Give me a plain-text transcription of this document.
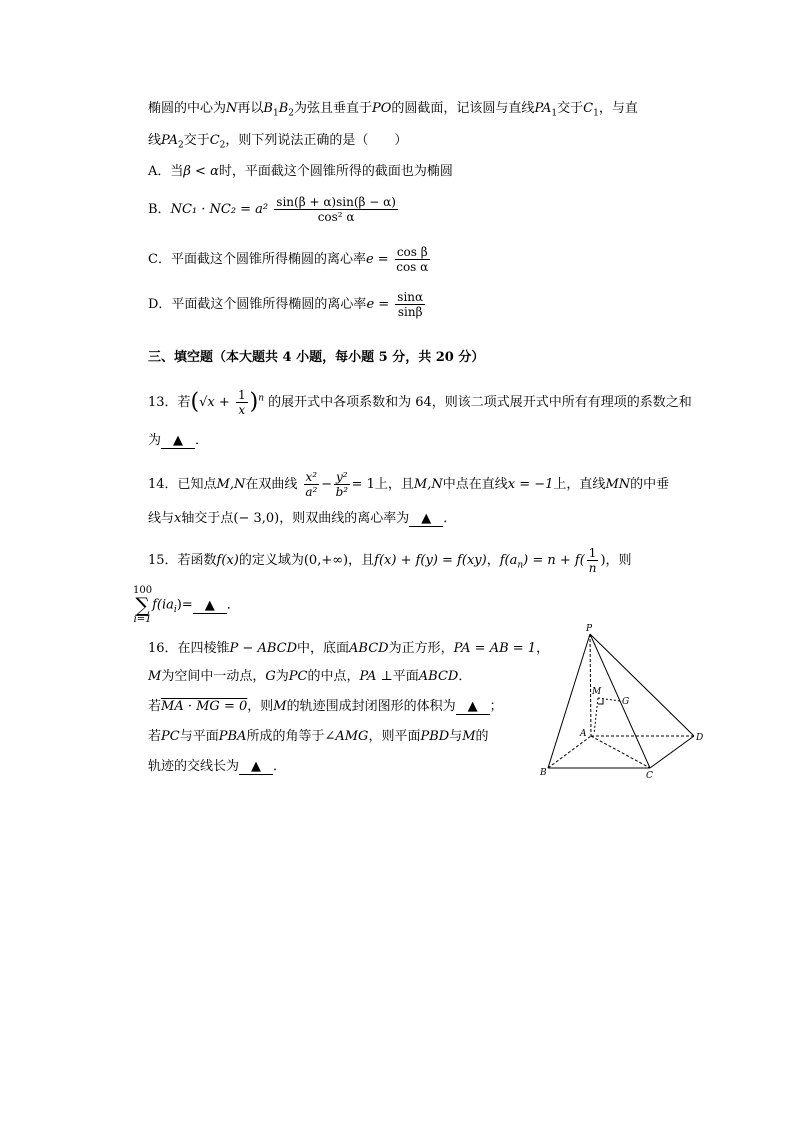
椭圆的中心为N再以$B_1B_2$为弦且垂直于PO的圆截面，记该圆与直线$PA_1$交于$C_1$，与直
线$PA_2$交于$C_2$，则下列说法正确的是（　　）
A．当β < α时，平面截这个圆锥所得的截面也为椭圆
B．$NC_1 \cdot NC_2 = a^2 \frac{\sin(\beta + \alpha)\sin(\beta - \alpha)}{\text{cos² α}}$
C．平面截这个圆锥所得椭圆的离心率$e = \frac{\text{cos β}}{\text{cos α}}$
D．平面截这个圆锥所得椭圆的离心率$e = \frac{\sin\alpha}{\sin\beta}$
三、填空题（本大题共 4 小题，每小题 5 分，共 20 分）
13．若$(√x + \frac{1}{x} )^n$ 的展开式中各项系数和为 64，则该二项式展开式中所有有理项的系数之和
为 ▲ ．
14．已知点M,N在双曲线 $\frac{\text{x²}}{\text{a²}} - \frac{\text{y²}}{\text{b²}} = 1$上，且M,N中点在直线x = −1上，直线MN的中垂
线与x轴交于点(− 3,0)，则双曲线的离心率为 ▲ ．
15．若函数f(x)的定义域为(0,+∞)，且f(x) + f(y) = f(xy)，$f(a_n) = n + f( \frac{1}{n}$ )，则
100
∑
i=1
$f(ia_i)=$ ▲ ．
16．在四棱锥P − ABCD中，底面ABCD为正方形，PA = AB = 1，
M为空间中一动点，G为PC的中点，PA ⊥平面ABCD．
若MA · MG = 0，则M的轨迹围成封闭图形的体积为 ▲ ；
若PC与平面PBA所成的角等于∠AMG，则平面PBD与M的
轨迹的交线长为 ▲ ．
P
M
G
A
B	C
D
